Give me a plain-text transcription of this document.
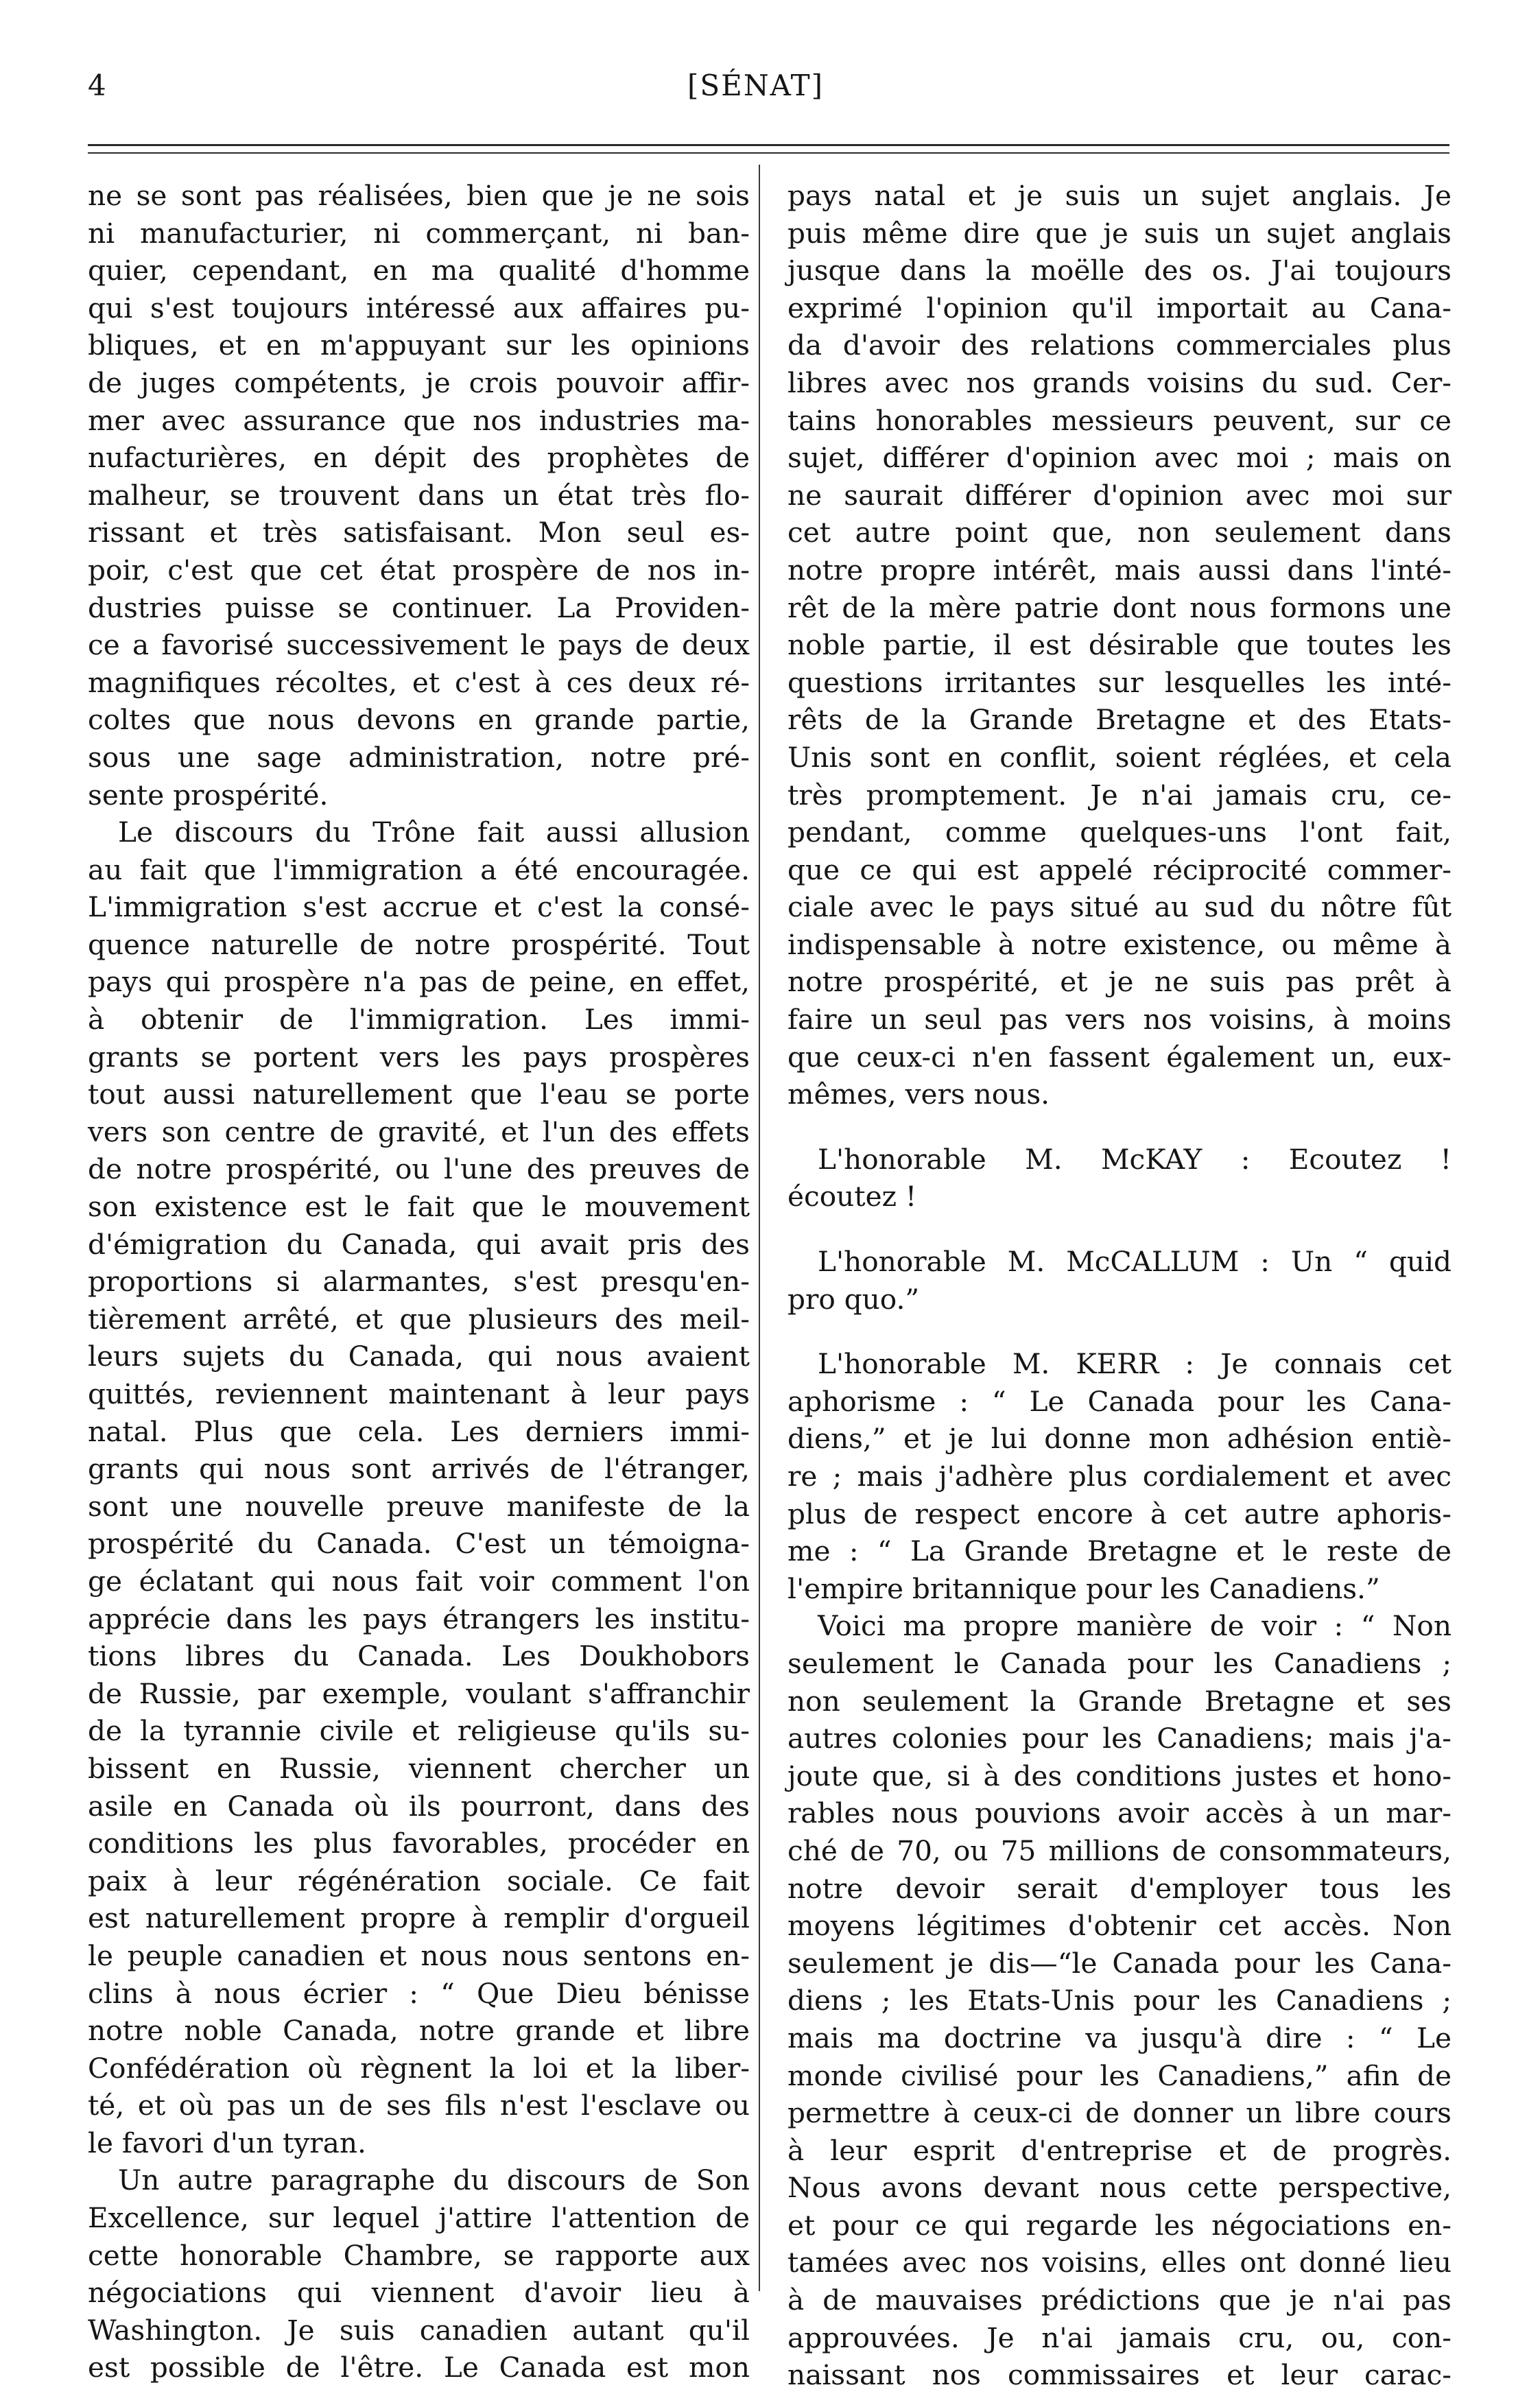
4	[SÉNAT]
ne se sont pas réalisées, bien que je ne sois
ni manufacturier, ni commerçant, ni ban-
quier, cependant, en ma qualité d'homme
qui s'est toujours intéressé aux affaires pu-
bliques, et en m'appuyant sur les opinions
de juges compétents, je crois pouvoir affir-
mer avec assurance que nos industries ma-
nufacturières, en dépit des prophètes de
malheur, se trouvent dans un état très flo-
rissant et très satisfaisant. Mon seul es-
poir, c'est que cet état prospère de nos in-
dustries puisse se continuer. La Providen-
ce a favorisé successivement le pays de deux
magnifiques récoltes, et c'est à ces deux ré-
coltes que nous devons en grande partie,
sous une sage administration, notre pré-
sente prospérité.
Le discours du Trône fait aussi allusion
au fait que l'immigration a été encouragée.
L'immigration s'est accrue et c'est la consé-
quence naturelle de notre prospérité. Tout
pays qui prospère n'a pas de peine, en effet,
à obtenir de l'immigration. Les immi-
grants se portent vers les pays prospères
tout aussi naturellement que l'eau se porte
vers son centre de gravité, et l'un des effets
de notre prospérité, ou l'une des preuves de
son existence est le fait que le mouvement
d'émigration du Canada, qui avait pris des
proportions si alarmantes, s'est presqu'en-
tièrement arrêté, et que plusieurs des meil-
leurs sujets du Canada, qui nous avaient
quittés, reviennent maintenant à leur pays
natal. Plus que cela. Les derniers immi-
grants qui nous sont arrivés de l'étranger,
sont une nouvelle preuve manifeste de la
prospérité du Canada. C'est un témoigna-
ge éclatant qui nous fait voir comment l'on
apprécie dans les pays étrangers les institu-
tions libres du Canada. Les Doukhobors
de Russie, par exemple, voulant s'affranchir
de la tyrannie civile et religieuse qu'ils su-
bissent en Russie, viennent chercher un
asile en Canada où ils pourront, dans des
conditions les plus favorables, procéder en
paix à leur régénération sociale. Ce fait
est naturellement propre à remplir d'orgueil
le peuple canadien et nous nous sentons en-
clins à nous écrier : “ Que Dieu bénisse
notre noble Canada, notre grande et libre
Confédération où règnent la loi et la liber-
té, et où pas un de ses fils n'est l'esclave ou
le favori d'un tyran.
Un autre paragraphe du discours de Son
Excellence, sur lequel j'attire l'attention de
cette honorable Chambre, se rapporte aux
négociations qui viennent d'avoir lieu à
Washington. Je suis canadien autant qu'il
est possible de l'être. Le Canada est mon
pays natal et je suis un sujet anglais. Je
puis même dire que je suis un sujet anglais
jusque dans la moëlle des os. J'ai toujours
exprimé l'opinion qu'il importait au Cana-
da d'avoir des relations commerciales plus
libres avec nos grands voisins du sud. Cer-
tains honorables messieurs peuvent, sur ce
sujet, différer d'opinion avec moi ; mais on
ne saurait différer d'opinion avec moi sur
cet autre point que, non seulement dans
notre propre intérêt, mais aussi dans l'inté-
rêt de la mère patrie dont nous formons une
noble partie, il est désirable que toutes les
questions irritantes sur lesquelles les inté-
rêts de la Grande Bretagne et des Etats-
Unis sont en conflit, soient réglées, et cela
très promptement. Je n'ai jamais cru, ce-
pendant, comme quelques-uns l'ont fait,
que ce qui est appelé réciprocité commer-
ciale avec le pays situé au sud du nôtre fût
indispensable à notre existence, ou même à
notre prospérité, et je ne suis pas prêt à
faire un seul pas vers nos voisins, à moins
que ceux-ci n'en fassent également un, eux-
mêmes, vers nous.
L'honorable M. McKAY : Ecoutez !
écoutez !
L'honorable M. McCALLUM : Un “ quid
pro quo.”
L'honorable M. KERR : Je connais cet
aphorisme : “ Le Canada pour les Cana-
diens,” et je lui donne mon adhésion entiè-
re ; mais j'adhère plus cordialement et avec
plus de respect encore à cet autre aphoris-
me : “ La Grande Bretagne et le reste de
l'empire britannique pour les Canadiens.”
Voici ma propre manière de voir : “ Non
seulement le Canada pour les Canadiens ;
non seulement la Grande Bretagne et ses
autres colonies pour les Canadiens; mais j'a-
joute que, si à des conditions justes et hono-
rables nous pouvions avoir accès à un mar-
ché de 70, ou 75 millions de consommateurs,
notre devoir serait d'employer tous les
moyens légitimes d'obtenir cet accès. Non
seulement je dis—“le Canada pour les Cana-
diens ; les Etats-Unis pour les Canadiens ;
mais ma doctrine va jusqu'à dire : “ Le
monde civilisé pour les Canadiens,” afin de
permettre à ceux-ci de donner un libre cours
à leur esprit d'entreprise et de progrès.
Nous avons devant nous cette perspective,
et pour ce qui regarde les négociations en-
tamées avec nos voisins, elles ont donné lieu
à de mauvaises prédictions que je n'ai pas
approuvées. Je n'ai jamais cru, ou, con-
naissant nos commissaires et leur carac-
